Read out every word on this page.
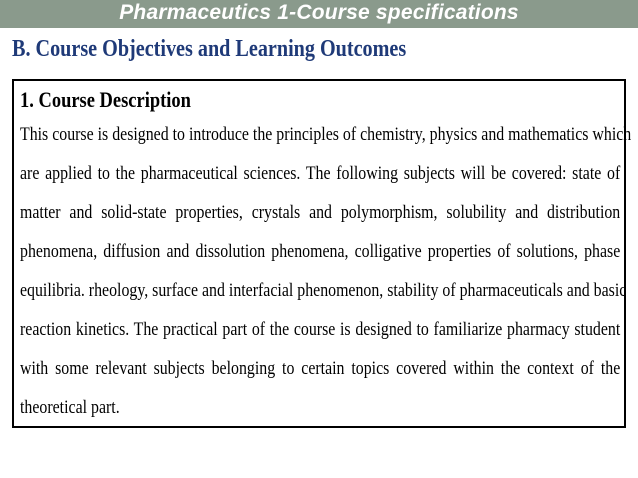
Pharmaceutics 1-Course specifications
B. Course Objectives and Learning Outcomes
1. Course Description
This course is designed to introduce the principles of chemistry, physics and mathematics which
are applied to the pharmaceutical sciences. The following subjects will be covered: state of
matter and solid-state properties, crystals and polymorphism, solubility and distribution
phenomena, diffusion and dissolution phenomena, colligative properties of solutions, phase
equilibria. rheology, surface and interfacial phenomenon, stability of pharmaceuticals and basic
reaction kinetics. The practical part of the course is designed to familiarize pharmacy student
with some relevant subjects belonging to certain topics covered within the context of the
theoretical part.
